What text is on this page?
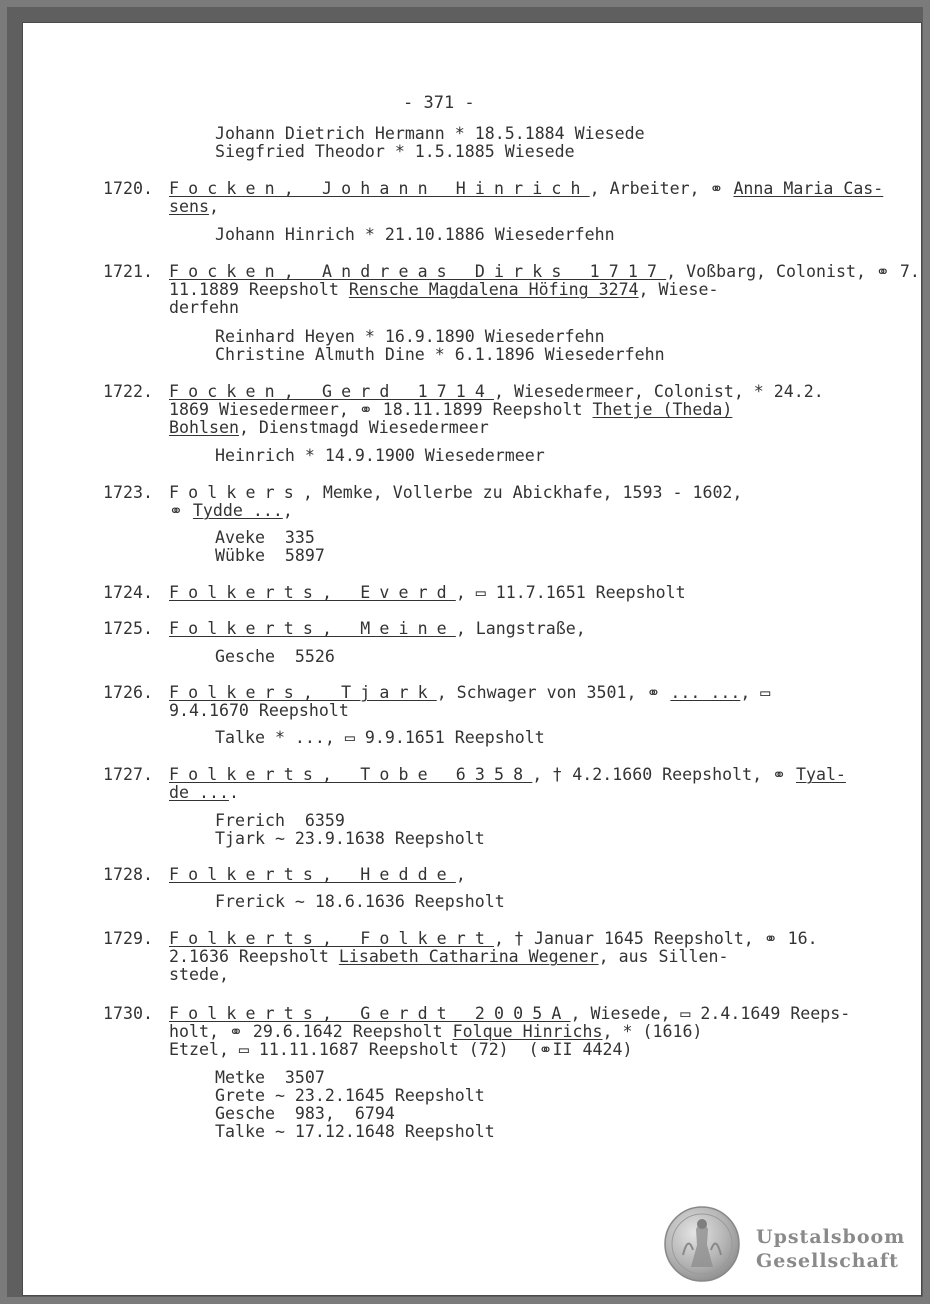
- 371 -
Johann Dietrich Hermann * 18.5.1884 Wiesede
Siegfried Theodor * 1.5.1885 Wiesede
1720. Focken, Johann Hinrich, Arbeiter, ⚭ Anna Maria Cas-
sens,
Johann Hinrich * 21.10.1886 Wiesederfehn
1721. Focken, Andreas Dirks 1717, Voßbarg, Colonist, ⚭ 7.
11.1889 Reepsholt Rensche Magdalena Höfing 3274, Wiese-
derfehn
Reinhard Heyen * 16.9.1890 Wiesederfehn
Christine Almuth Dine * 6.1.1896 Wiesederfehn
1722. Focken, Gerd 1714, Wiesedermeer, Colonist, * 24.2.
1869 Wiesedermeer, ⚭ 18.11.1899 Reepsholt Thetje (Theda)
Bohlsen, Dienstmagd Wiesedermeer
Heinrich * 14.9.1900 Wiesedermeer
1723. Folkers, Memke, Vollerbe zu Abickhafe, 1593 - 1602,
⚭ Tydde ...,
Aveke  335
Wübke  5897
1724. Folkerts, Everd, ▭ 11.7.1651 Reepsholt
1725. Folkerts, Meine, Langstraße,
Gesche  5526
1726. Folkers, Tjark, Schwager von 3501, ⚭ ... ..., ▭
9.4.1670 Reepsholt
Talke * ..., ▭ 9.9.1651 Reepsholt
1727. Folkerts, Tobe 6358, † 4.2.1660 Reepsholt, ⚭ Tyal-
de ....
Frerich  6359
Tjark ~ 23.9.1638 Reepsholt
1728. Folkerts, Hedde,
Frerick ~ 18.6.1636 Reepsholt
1729. Folkerts, Folkert, † Januar 1645 Reepsholt, ⚭ 16.
2.1636 Reepsholt Lisabeth Catharina Wegener, aus Sillen-
stede,
1730. Folkerts, Gerdt 2005A, Wiesede, ▭ 2.4.1649 Reeps-
holt, ⚭ 29.6.1642 Reepsholt Folque Hinrichs, * (1616)
Etzel, ▭ 11.11.1687 Reepsholt (72)  (⚭II 4424)
Metke  3507
Grete ~ 23.2.1645 Reepsholt
Gesche  983,  6794
Talke ~ 17.12.1648 Reepsholt
Upstalsboom
Gesellschaft
